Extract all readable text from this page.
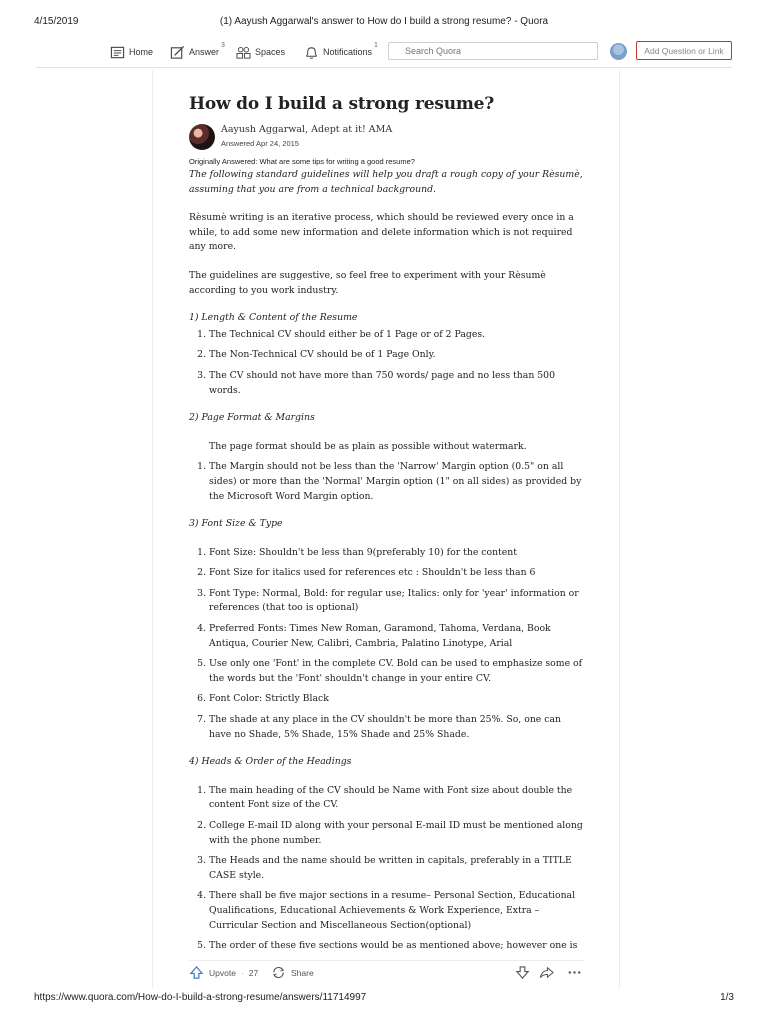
4/15/2019	(1) Aayush Aggarwal's answer to How do I build a strong resume? - Quora
Home	Answer
3
Spaces	Notifications
1
Search Quora
Add Question or Link
How do I build a strong resume?
Aayush Aggarwal, Adept at it! AMA
Answered Apr 24, 2015
Originally Answered: What are some tips for writing a good resume?

The following standard guidelines will help you draft a rough copy of your Rèsumè, assuming that you are from a technical background.

Rèsumè writing is an iterative process, which should be reviewed every once in a while, to add some new information and delete information which is not required any more.

The guidelines are suggestive, so feel free to experiment with your Rèsumè according to you work industry.

1) Length & Content of the Resume
1. The Technical CV should either be of 1 Page or of 2 Pages.
2. The Non-Technical CV should be of 1 Page Only.
3. The CV should not have more than 750 words/ page and no less than 500 words.
2) Page Format & Margins
The page format should be as plain as possible without watermark.
1. The Margin should not be less than the 'Narrow' Margin option (0.5" on all sides) or more than the 'Normal' Margin option (1" on all sides) as provided by the Microsoft Word Margin option.
3) Font Size & Type
1. Font Size: Shouldn't be less than 9(preferably 10) for the content
2. Font Size for italics used for references etc : Shouldn't be less than 6
3. Font Type: Normal, Bold: for regular use; Italics: only for 'year' information or references (that too is optional)
4. Preferred Fonts: Times New Roman, Garamond, Tahoma, Verdana, Book Antiqua, Courier New, Calibri, Cambria, Palatino Linotype, Arial
5. Use only one 'Font' in the complete CV. Bold can be used to emphasize some of the words but the 'Font' shouldn't change in your entire CV.
6. Font Color: Strictly Black
7. The shade at any place in the CV shouldn't be more than 25%. So, one can have no Shade, 5% Shade, 15% Shade and 25% Shade.
4) Heads & Order of the Headings
1. The main heading of the CV should be Name with Font size about double the content Font size of the CV.
2. College E-mail ID along with your personal E-mail ID must be mentioned along with the phone number.
3. The Heads and the name should be written in capitals, preferably in a TITLE CASE style.
4. There shall be five major sections in a resume– Personal Section, Educational Qualifications, Educational Achievements & Work Experience, Extra – Curricular Section and Miscellaneous Section(optional)
5. The order of these five sections would be as mentioned above; however one is
Upvote · 27	Share
https://www.quora.com/How-do-I-build-a-strong-resume/answers/11714997	1/3
